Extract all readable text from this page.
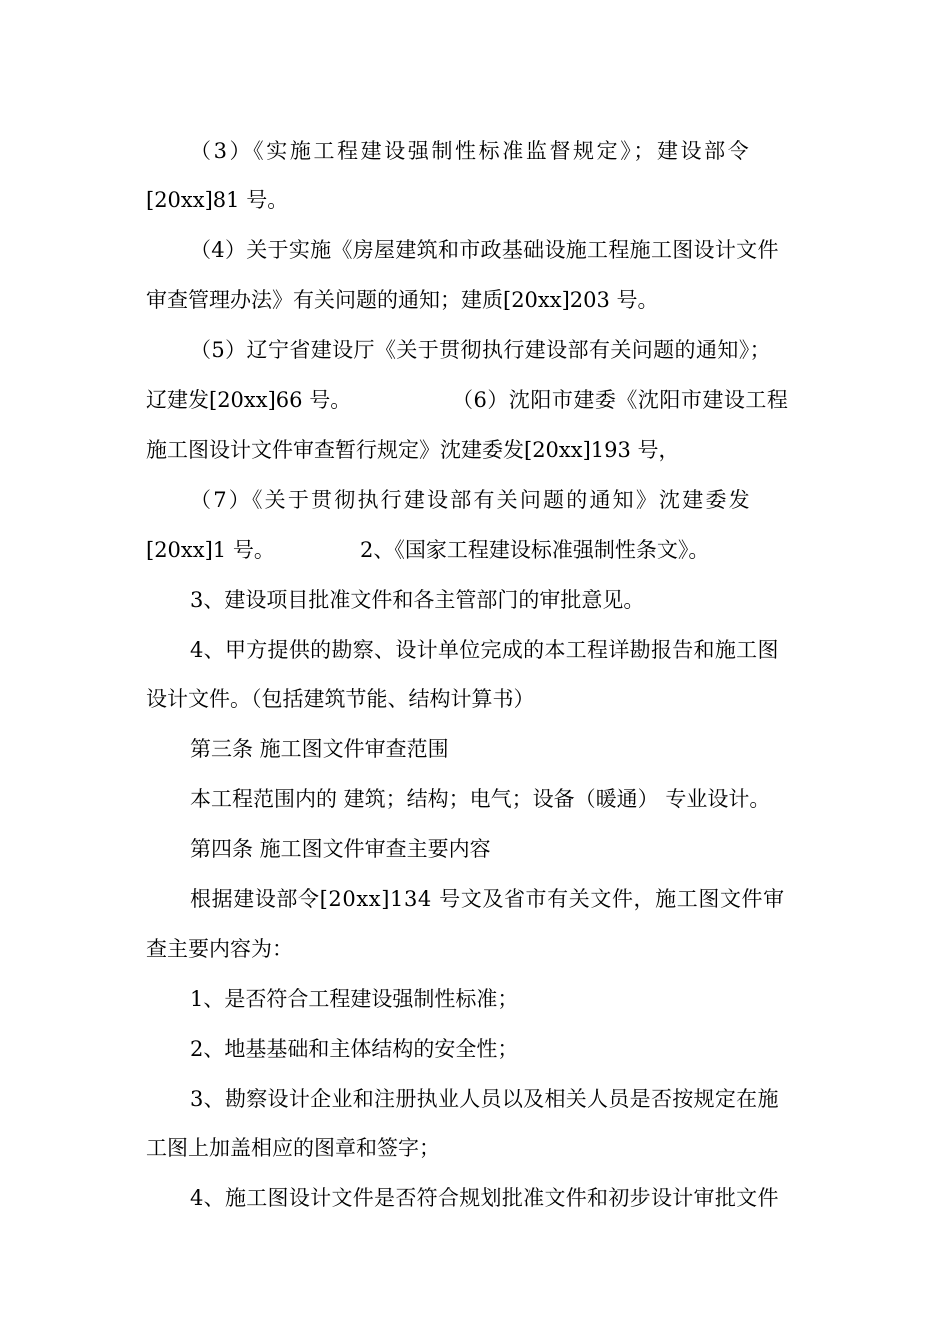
（3）《实施工程建设强制性标准监督规定》；建设部令
[20xx]81 号。
（4）关于实施《房屋建筑和市政基础设施工程施工图设计文件
审查管理办法》有关问题的通知；建质[20xx]203 号。
（5）辽宁省建设厅《关于贯彻执行建设部有关问题的通知》；
辽建发[20xx]66 号。	（6）沈阳市建委《沈阳市建设工程
施工图设计文件审查暂行规定》沈建委发[20xx]193 号，
（7）《关于贯彻执行建设部有关问题的通知》沈建委发
[20xx]1 号。	2、《国家工程建设标准强制性条文》。
3、建设项目批准文件和各主管部门的审批意见。
4、甲方提供的勘察、设计单位完成的本工程详勘报告和施工图
设计文件。（包括建筑节能、结构计算书）
第三条 施工图文件审查范围
本工程范围内的 建筑；结构；电气；设备（暖通） 专业设计。
第四条 施工图文件审查主要内容
根据建设部令[20xx]134 号文及省市有关文件，施工图文件审
查主要内容为：
1、是否符合工程建设强制性标准；
2、地基基础和主体结构的安全性；
3、勘察设计企业和注册执业人员以及相关人员是否按规定在施
工图上加盖相应的图章和签字；
4、施工图设计文件是否符合规划批准文件和初步设计审批文件
